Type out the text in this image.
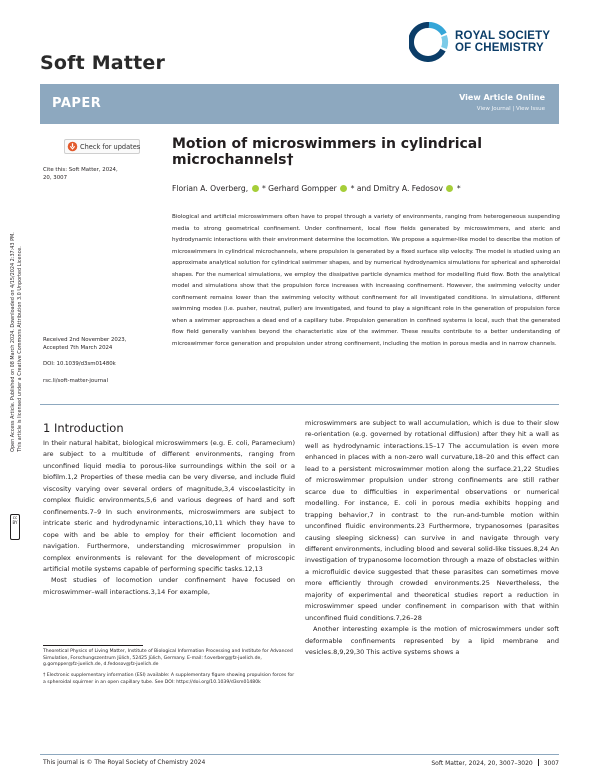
Soft Matter
ROYAL SOCIETY
OF CHEMISTRY
PAPER	View Article Online
View Journal | View Issue
Check for updates
Cite this: Soft Matter, 2024,
20, 3007
Received 2nd November 2023,
Accepted 7th March 2024
DOI: 10.1039/d3sm01480k
rsc.li/soft-matter-journal
Motion of microswimmers in cylindrical microchannels†
Florian A. Overberg, * Gerhard Gompper * and Dmitry A. Fedosov *
Biological and artificial microswimmers often have to propel through a variety of environments, ranging from heterogeneous suspending media to strong geometrical confinement. Under confinement, local flow fields generated by microswimmers, and steric and hydrodynamic interactions with their environment determine the locomotion. We propose a squirmer-like model to describe the motion of microswimmers in cylindrical microchannels, where propulsion is generated by a fixed surface slip velocity. The model is studied using an approximate analytical solution for cylindrical swimmer shapes, and by numerical hydrodynamics simulations for spherical and spheroidal shapes. For the numerical simulations, we employ the dissipative particle dynamics method for modelling fluid flow. Both the analytical model and simulations show that the propulsion force increases with increasing confinement. However, the swimming velocity under confinement remains lower than the swimming velocity without confinement for all investigated conditions. In simulations, different swimming modes (i.e. pusher, neutral, puller) are investigated, and found to play a significant role in the generation of propulsion force when a swimmer approaches a dead end of a capillary tube. Propulsion generation in confined systems is local, such that the generated flow field generally vanishes beyond the characteristic size of the swimmer. These results contribute to a better understanding of microswimmer force generation and propulsion under strong confinement, including the motion in porous media and in narrow channels.
Open Access Article. Published on 08 March 2024. Downloaded on 4/15/2024 2:37:43 PM. This article is licensed under a Creative Commons Attribution 3.0 Unported Licence.
cc BY
1 Introduction

In their natural habitat, biological microswimmers (e.g. E. coli, Paramecium) are subject to a multitude of different environments, ranging from unconfined liquid media to porous-like surroundings within the soil or a biofilm.1,2 Properties of these media can be very diverse, and include fluid viscosity varying over several orders of magnitude,3,4 viscoelasticity in complex fluidic environments,5,6 and various degrees of hard and soft confinements.7–9 In such environments, microswimmers are subject to intricate steric and hydrodynamic interactions,10,11 which they have to cope with and be able to employ for their efficient locomotion and navigation. Furthermore, understanding microswimmer propulsion in complex environments is relevant for the development of microscopic artificial motile systems capable of performing specific tasks.12,13

Most studies of locomotion under confinement have focused on microswimmer–wall interactions.3,14 For example,

microswimmers are subject to wall accumulation, which is due to their slow re-orientation (e.g. governed by rotational diffusion) after they hit a wall as well as hydrodynamic interactions.15–17 The accumulation is even more enhanced in places with a non-zero wall curvature,18–20 and this effect can lead to a persistent microswimmer motion along the surface.21,22 Studies of microswimmer propulsion under strong confinements are still rather scarce due to difficulties in experimental observations or numerical modelling. For instance, E. coli in porous media exhibits hopping and trapping behavior,7 in contrast to the run-and-tumble motion within unconfined fluidic environments.23 Furthermore, trypanosomes (parasites causing sleeping sickness) can survive in and navigate through very different environments, including blood and several solid-like tissues.8,24 An investigation of trypanosome locomotion through a maze of obstacles within a microfluidic device suggested that these parasites can sometimes move more efficiently through crowded environments.25 Nevertheless, the majority of experimental and theoretical studies report a reduction in microswimmer speed under confinement in comparison with that within unconfined fluid conditions.7,26–28

Another interesting example is the motion of microswimmers under soft deformable confinements represented by a lipid membrane and vesicles.8,9,29,30 This active systems shows a

Theoretical Physics of Living Matter, Institute of Biological Information Processing and Institute for Advanced Simulation, Forschungszentrum Jülich, 52425 Jülich, Germany. E-mail: f.overberg@fz-juelich.de, g.gompper@fz-juelich.de, d.fedosov@fz-juelich.de

† Electronic supplementary information (ESI) available: A supplementary figure showing propulsion forces for a spheroidal squirmer in an open capillary tube. See DOI: https://doi.org/10.1039/d3sm01480k

This journal is © The Royal Society of Chemistry 2024	Soft Matter, 2024, 20, 3007–3020 3007
